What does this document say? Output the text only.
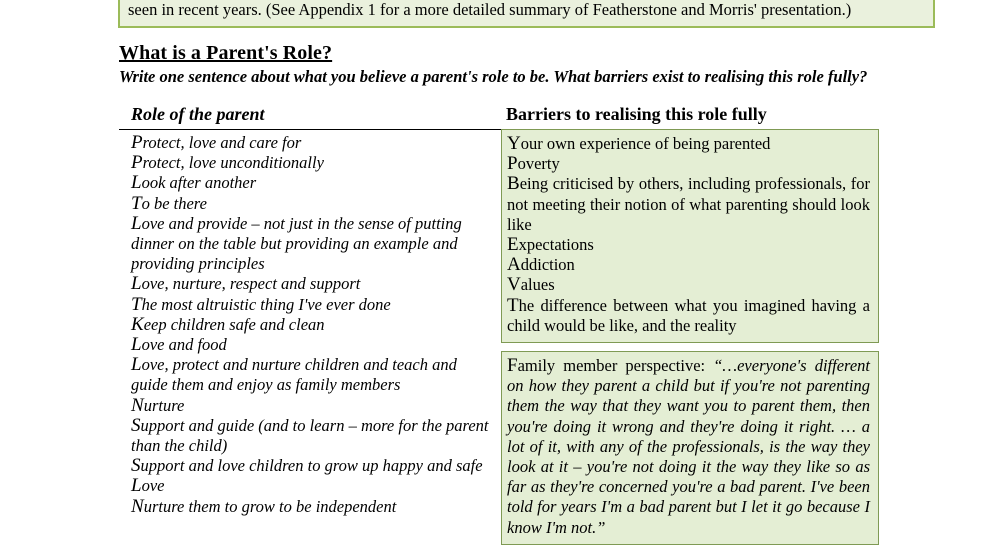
seen in recent years. (See Appendix 1 for a more detailed summary of Featherstone and Morris' presentation.)
What is a Parent's Role?
Write one sentence about what you believe a parent's role to be. What barriers exist to realising this role fully?
Role of the parent	Barriers to realising this role fully

Protect, love and care for

Protect, love unconditionally

Look after another

To be there

Love and provide – not just in the sense of putting dinner on the table but providing an example and providing principles

Love, nurture, respect and support

The most altruistic thing I've ever done

Keep children safe and clean

Love and food

Love, protect and nurture children and teach and guide them and enjoy as family members

Nurture

Support and guide (and to learn – more for the parent than the child)

Support and love children to grow up happy and safe

Love

Nurture them to grow to be independent

Your own experience of being parented

Poverty

Being criticised by others, including professionals, for not meeting their notion of what parenting should look like

Expectations

Addiction

Values

The difference between what you imagined having a child would be like, and the reality

Family member perspective: “…everyone's different on how they parent a child but if you're not parenting them the way that they want you to parent them, then you're doing it wrong and they're doing it right. … a lot of it, with any of the professionals, is the way they look at it – you're not doing it the way they like so as far as they're concerned you're a bad parent. I've been told for years I'm a bad parent but I let it go because I know I'm not.”
